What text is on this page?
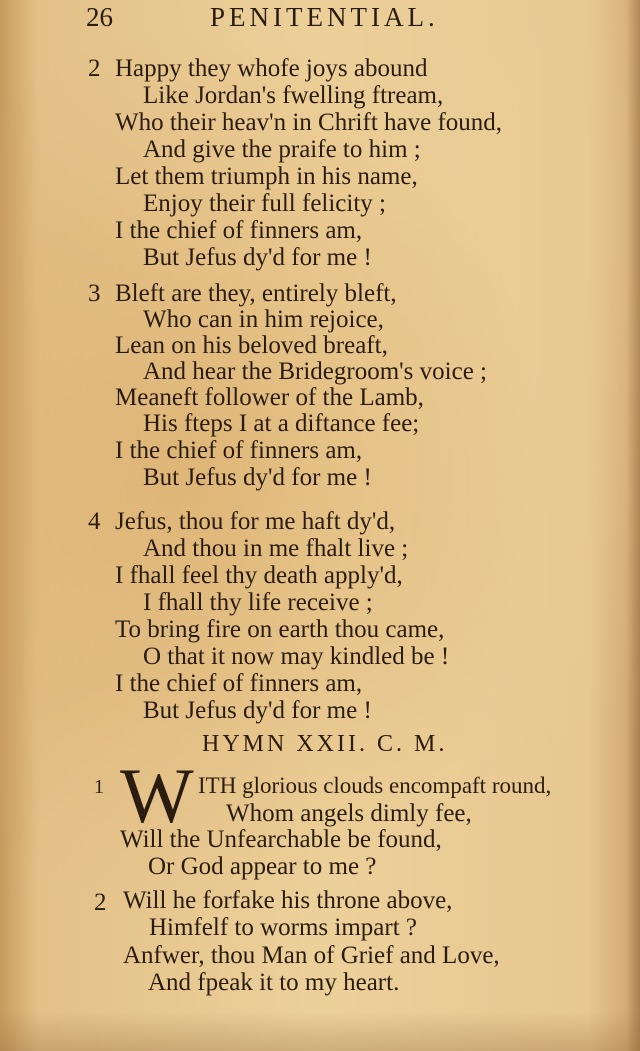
26	PENITENTIAL.
2 Happy they whofe joys abound
Like Jordan's fwelling ftream,
Who their heav'n in Chrift have found,
And give the praife to him ;
Let them triumph in his name,
Enjoy their full felicity ;
I the chief of finners am,
But Jefus dy'd for me !
3 Bleft are they, entirely bleft,
Who can in him rejoice,
Lean on his beloved breaft,
And hear the Bridegroom's voice ;
Meaneft follower of the Lamb,
His fteps I at a diftance fee;
I the chief of finners am,
But Jefus dy'd for me !
4 Jefus, thou for me haft dy'd,
And thou in me fhalt live ;
I fhall feel thy death apply'd,
I fhall thy life receive ;
To bring fire on earth thou came,
O that it now may kindled be !
I the chief of finners am,
But Jefus dy'd for me !
HYMN XXII. C. M.
1 W ITH glorious clouds encompaft round,
Whom angels dimly fee,
Will the Unfearchable be found,
Or God appear to me ?
2 Will he forfake his throne above,
Himfelf to worms impart ?
Anfwer, thou Man of Grief and Love,
And fpeak it to my heart.
